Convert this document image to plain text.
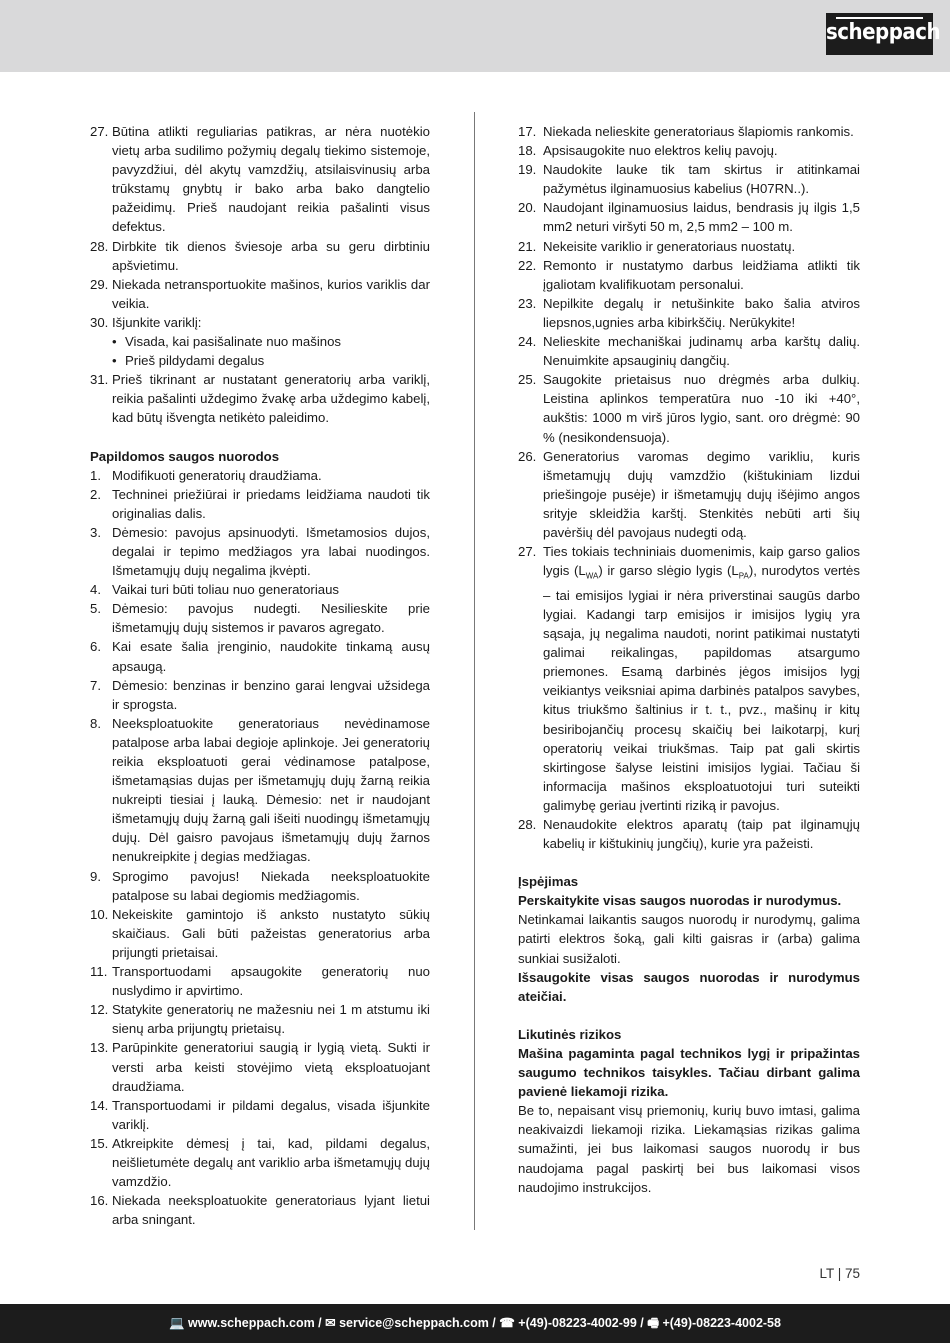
scheppach
27. Būtina atlikti reguliarias patikras, ar nėra nuotėkio vietų arba sudilimo požymių degalų tiekimo sistemoje, pavyzdžiui, dėl akytų vamzdžių, atsilaisvinusių arba trūkstamų gnybtų ir bako arba bako dangtelio pažeidimų. Prieš naudojant reikia pašalinti visus defektus.
28. Dirbkite tik dienos šviesoje arba su geru dirbtiniu apšvietimu.
29. Niekada netransportuokite mašinos, kurios variklis dar veikia.
30. Išjunkite variklį:
• Visada, kai pasišalinate nuo mašinos
• Prieš pildydami degalus
31. Prieš tikrinant ar nustatant generatorių arba variklį, reikia pašalinti uždegimo žvakę arba uždegimo kabelį, kad būtų išvengta netikėto paleidimo.
Papildomos saugos nuorodos
1. Modifikuoti generatorių draudžiama.
2. Techninei priežiūrai ir priedams leidžiama naudoti tik originalias dalis.
3. Dėmesio: pavojus apsinuodyti. Išmetamosios dujos, degalai ir tepimo medžiagos yra labai nuodingos. Išmetamųjų dujų negalima įkvėpti.
4. Vaikai turi būti toliau nuo generatoriaus
5. Dėmesio: pavojus nudegti. Nesilieskite prie išmetamųjų dujų sistemos ir pavaros agregato.
6. Kai esate šalia įrenginio, naudokite tinkamą ausų apsaugą.
7. Dėmesio: benzinas ir benzino garai lengvai užsidega ir sprogsta.
8. Neeksploatuokite generatoriaus nevėdinamose patalpose arba labai degioje aplinkoje. Jei generatorių reikia eksploatuoti gerai vėdinamose patalpose, išmetamąsias dujas per išmetamųjų dujų žarną reikia nukreipti tiesiai į lauką. Dėmesio: net ir naudojant išmetamųjų dujų žarną gali išeiti nuodingų išmetamųjų dujų. Dėl gaisro pavojaus išmetamųjų dujų žarnos nenukreipkite į degias medžiagas.
9. Sprogimo pavojus! Niekada neeksploatuokite patalpose su labai degiomis medžiagomis.
10. Nekeiskite gamintojo iš anksto nustatyto sūkių skaičiaus. Gali būti pažeistas generatorius arba prijungti prietaisai.
11. Transportuodami apsaugokite generatorių nuo nuslydimo ir apvirtimo.
12. Statykite generatorių ne mažesniu nei 1 m atstumu iki sienų arba prijungtų prietaisų.
13. Parūpinkite generatoriui saugią ir lygią vietą. Sukti ir versti arba keisti stovėjimo vietą eksploatuojant draudžiama.
14. Transportuodami ir pildami degalus, visada išjunkite variklį.
15. Atkreipkite dėmesį į tai, kad, pildami degalus, neišlietumėte degalų ant variklio arba išmetamųjų dujų vamzdžio.
16. Niekada neeksploatuokite generatoriaus lyjant lietui arba sningant.
17. Niekada nelieskite generatoriaus šlapiomis rankomis.
18. Apsisaugokite nuo elektros kelių pavojų.
19. Naudokite lauke tik tam skirtus ir atitinkamai pažymėtus ilginamuosius kabelius (H07RN..).
20. Naudojant ilginamuosius laidus, bendrasis jų ilgis 1,5 mm2 neturi viršyti 50 m, 2,5 mm2 – 100 m.
21. Nekeisite variklio ir generatoriaus nuostatų.
22. Remonto ir nustatymo darbus leidžiama atlikti tik įgaliotam kvalifikuotam personalui.
23. Nepilkite degalų ir netušinkite bako šalia atviros liepsnos,ugnies arba kibirkščių. Nerūkykite!
24. Nelieskite mechaniškai judinamų arba karštų dalių. Nenuimkite apsauginių dangčių.
25. Saugokite prietaisus nuo drėgmės arba dulkių. Leistina aplinkos temperatūra nuo -10 iki +40°, aukštis: 1000 m virš jūros lygio, sant. oro drėgmė: 90 % (nesikondensuoja).
26. Generatorius varomas degimo varikliu, kuris išmetamųjų dujų vamzdžio (kištukiniam lizdui priešingoje pusėje) ir išmetamųjų dujų išėjimo angos srityje skleidžia karštį. Stenkitės nebūti arti šių pavėršių dėl pavojaus nudegti odą.
27. Ties tokiais techniniais duomenimis, kaip garso galios lygis $(L_{WA})$ ir garso slėgio lygis $(L_{PA})$, nurodytos vertės – tai emisijos lygiai ir nėra priverstinai saugūs darbo lygiai. Kadangi tarp emisijos ir imisijos lygių yra sąsaja, jų negalima naudoti, norint patikimai nustatyti galimai reikalingas, papildomas atsargumo priemones. Esamą darbinės įėgos imisijos lygį veikiantys veiksniai apima darbinės patalpos savybes, kitus triukšmo šaltinius ir t. t., pvz., mašinų ir kitų besiribojančių procesų skaičių bei laikotarpį, kurį operatorių veikai triukšmas. Taip pat gali skirtis skirtingose šalyse leistini imisijos lygiai. Tačiau ši informacija mašinos eksploatuotojui turi suteikti galimybę geriau įvertinti riziką ir pavojus.
28. Nenaudokite elektros aparatų (taip pat ilginamųjų kabelių ir kištukinių jungčių), kurie yra pažeisti.
Įspėjimas
Perskaitykite visas saugos nuorodas ir nurodymus.
Netinkamai laikantis saugos nuorodų ir nurodymų, galima patirti elektros šoką, gali kilti gaisras ir (arba) galima sunkiai susižaloti.
Išsaugokite visas saugos nuorodas ir nurodymus ateičiai.
Likutinės rizikos
Mašina pagaminta pagal technikos lygį ir pripažintas saugumo technikos taisykles. Tačiau dirbant galima pavienė liekamoji rizika.
Be to, nepaisant visų priemonių, kurių buvo imtasi, galima neakivaizdi liekamoji rizika. Liekamąsias rizikas galima sumažinti, jei bus laikomasi saugos nuorodų ir bus naudojama pagal paskirtį bei bus laikomasi visos naudojimo instrukcijos.
LT | 75
💻 www.scheppach.com / ✉ service@scheppach.com / ☎ +(49)-08223-4002-99 / 🖷 +(49)-08223-4002-58
